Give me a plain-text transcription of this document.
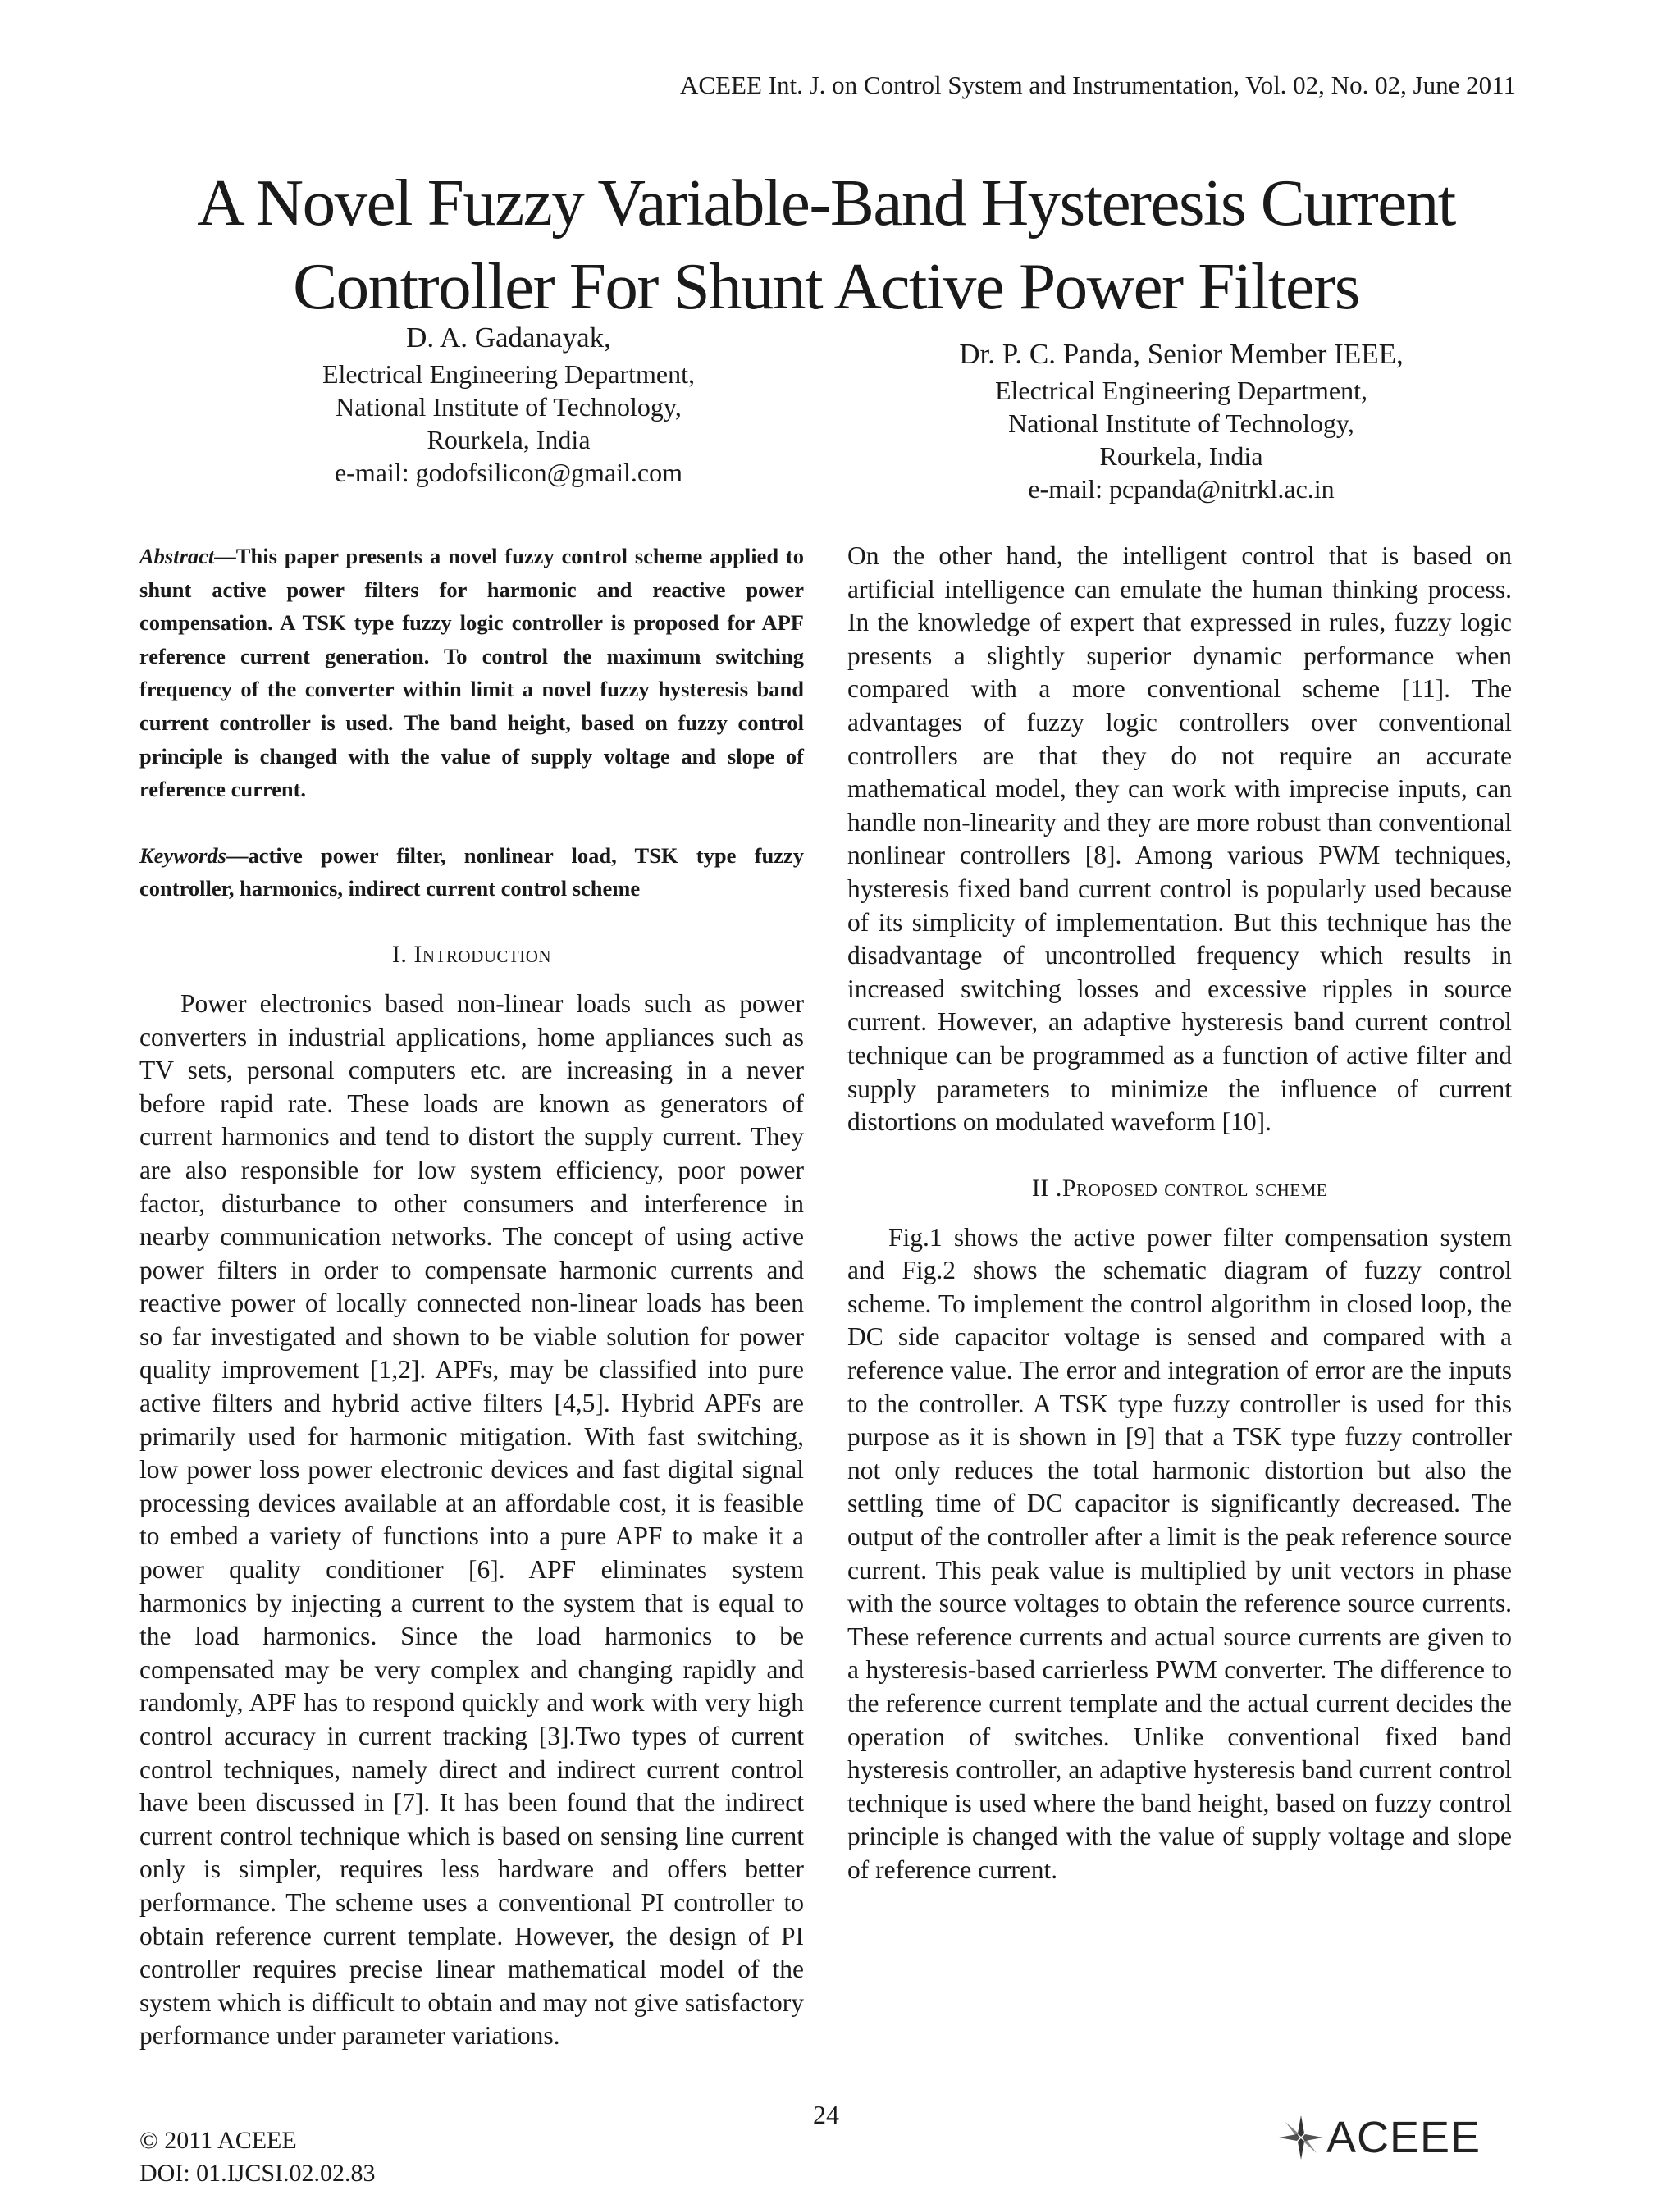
ACEEE Int. J. on Control System and Instrumentation, Vol. 02, No. 02, June 2011
A Novel Fuzzy Variable-Band Hysteresis Current
Controller For Shunt Active Power Filters
D. A. Gadanayak,
Electrical Engineering Department,
National Institute of Technology,
Rourkela, India
e-mail: godofsilicon@gmail.com
Dr. P. C. Panda, Senior Member IEEE,
Electrical Engineering Department,
National Institute of Technology,
Rourkela, India
e-mail: pcpanda@nitrkl.ac.in

Abstract—This paper presents a novel fuzzy control scheme applied to shunt active power filters for harmonic and reactive power compensation. A TSK type fuzzy logic controller is proposed for APF reference current generation. To control the maximum switching frequency of the converter within limit a novel fuzzy hysteresis band current controller is used. The band height, based on fuzzy control principle is changed with the value of supply voltage and slope of reference current.

Keywords—active power filter, nonlinear load, TSK type fuzzy controller, harmonics, indirect current control scheme

I. Introduction

Power electronics based non-linear loads such as power converters in industrial applications, home appliances such as TV sets, personal computers etc. are increasing in a never before rapid rate. These loads are known as generators of current harmonics and tend to distort the supply current. They are also responsible for low system efficiency, poor power factor, disturbance to other consumers and interference in nearby communication networks. The concept of using active power filters in order to compensate harmonic currents and reactive power of locally connected non-linear loads has been so far investigated and shown to be viable solution for power quality improvement [1,2]. APFs, may be classified into pure active filters and hybrid active filters [4,5]. Hybrid APFs are primarily used for harmonic mitigation. With fast switching, low power loss power electronic devices and fast digital signal processing devices available at an affordable cost, it is feasible to embed a variety of functions into a pure APF to make it a power quality conditioner [6]. APF eliminates system harmonics by injecting a current to the system that is equal to the load harmonics. Since the load harmonics to be compensated may be very complex and changing rapidly and randomly, APF has to respond quickly and work with very high control accuracy in current tracking [3].Two types of current control techniques, namely direct and indirect current control have been discussed in [7]. It has been found that the indirect current control technique which is based on sensing line current only is simpler, requires less hardware and offers better performance. The scheme uses a conventional PI controller to obtain reference current template. However, the design of PI controller requires precise linear mathematical model of the system which is difficult to obtain and may not give satisfactory performance under parameter variations.

On the other hand, the intelligent control that is based on artificial intelligence can emulate the human thinking process. In the knowledge of expert that expressed in rules, fuzzy logic presents a slightly superior dynamic performance when compared with a more conventional scheme [11]. The advantages of fuzzy logic controllers over conventional controllers are that they do not require an accurate mathematical model, they can work with imprecise inputs, can handle non-linearity and they are more robust than conventional nonlinear controllers [8]. Among various PWM techniques, hysteresis fixed band current control is popularly used because of its simplicity of implementation. But this technique has the disadvantage of uncontrolled frequency which results in increased switching losses and excessive ripples in source current. However, an adaptive hysteresis band current control technique can be programmed as a function of active filter and supply parameters to minimize the influence of current distortions on modulated waveform [10].

II .Proposed control scheme

Fig.1 shows the active power filter compensation system and Fig.2 shows the schematic diagram of fuzzy control scheme. To implement the control algorithm in closed loop, the DC side capacitor voltage is sensed and compared with a reference value. The error and integration of error are the inputs to the controller. A TSK type fuzzy controller is used for this purpose as it is shown in [9] that a TSK type fuzzy controller not only reduces the total harmonic distortion but also the settling time of DC capacitor is significantly decreased. The output of the controller after a limit is the peak reference source current. This peak value is multiplied by unit vectors in phase with the source voltages to obtain the reference source currents. These reference currents and actual source currents are given to a hysteresis-based carrierless PWM converter. The difference to the reference current template and the actual current decides the operation of switches. Unlike conventional fixed band hysteresis controller, an adaptive hysteresis band current control technique is used where the band height, based on fuzzy control principle is changed with the value of supply voltage and slope of reference current.

24
© 2011 ACEEE
DOI: 01.IJCSI.02.02.83
ACEEE
